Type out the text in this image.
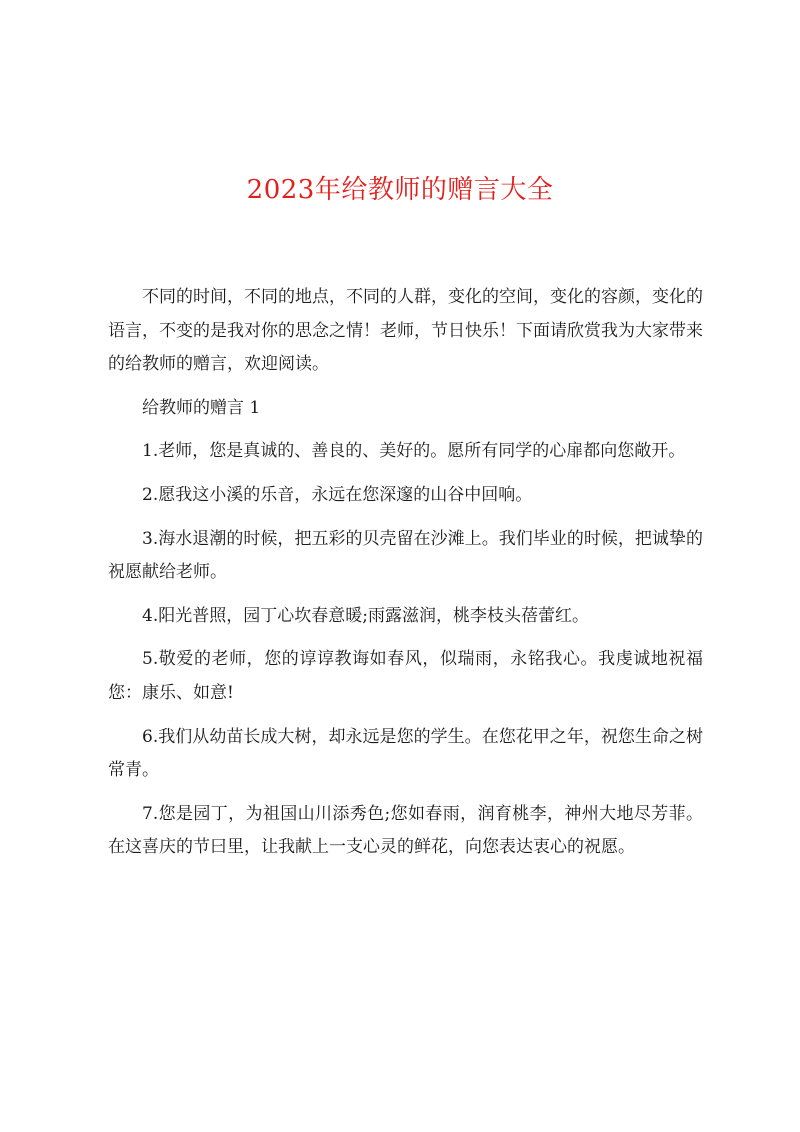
2023年给教师的赠言大全

不同的时间，不同的地点，不同的人群，变化的空间，变化的容颜，变化的语言，不变的是我对你的思念之情！老师，节日快乐！下面请欣赏我为大家带来的给教师的赠言，欢迎阅读。

给教师的赠言 1

1.老师，您是真诚的、善良的、美好的。愿所有同学的心扉都向您敞开。

2.愿我这小溪的乐音，永远在您深邃的山谷中回响。

3.海水退潮的时候，把五彩的贝壳留在沙滩上。我们毕业的时候，把诚挚的祝愿献给老师。

4.阳光普照，园丁心坎春意暖;雨露滋润，桃李枝头蓓蕾红。

5.敬爱的老师，您的谆谆教诲如春风，似瑞雨，永铭我心。我虔诚地祝福您：康乐、如意!

6.我们从幼苗长成大树，却永远是您的学生。在您花甲之年，祝您生命之树常青。

7.您是园丁，为祖国山川添秀色;您如春雨，润育桃李，神州大地尽芳菲。在这喜庆的节曰里，让我献上一支心灵的鲜花，向您表达衷心的祝愿。
